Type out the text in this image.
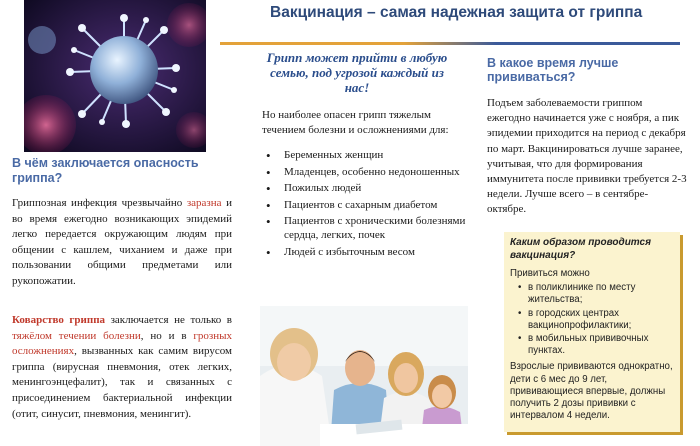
Вакцинация – самая надежная защита от гриппа
В чём заключается опасность гриппа?
Гриппозная инфекция чрезвычайно заразна и во время ежегодно возникающих эпидемий легко передается окружающим людям при общении с кашлем, чиханием и даже при пользовании общими предметами или рукопожатии.
Коварство гриппа заключается не только в тяжёлом течении болезни, но и в грозных осложнениях, вызванных как самим вирусом гриппа (вирусная пневмония, отек легких, менингоэнцефалит), так и связанных с присоединением бактериальной инфекции (отит, синусит, пневмония, менингит).
Грипп может прийти в любую семью, под угрозой каждый из нас!
Но наиболее опасен грипп тяжелым течением болезни и осложнениями для:
• Беременных женщин
• Младенцев, особенно недоношенных
• Пожилых людей
• Пациентов с сахарным диабетом
• Пациентов с хроническими болезнями сердца, легких, почек
• Людей с избыточным весом
В какое время лучше прививаться?
Подъем заболеваемости гриппом ежегодно начинается уже с ноября, а пик эпидемии приходится на период с декабря по март. Вакцинироваться лучше заранее, учитывая, что для формирования иммунитета после прививки требуется 2-3 недели. Лучше всего – в сентябре-октябре.
Каким образом проводится вакцинация?
Привиться можно
• в поликлинике по месту жительства;
• в городских центрах вакцинопрофилактики;
• в мобильных прививочных пунктах.
Взрослые прививаются однократно, дети с 6 мес до 9 лет, прививающиеся впервые, должны получить 2 дозы прививки с интервалом 4 недели.
